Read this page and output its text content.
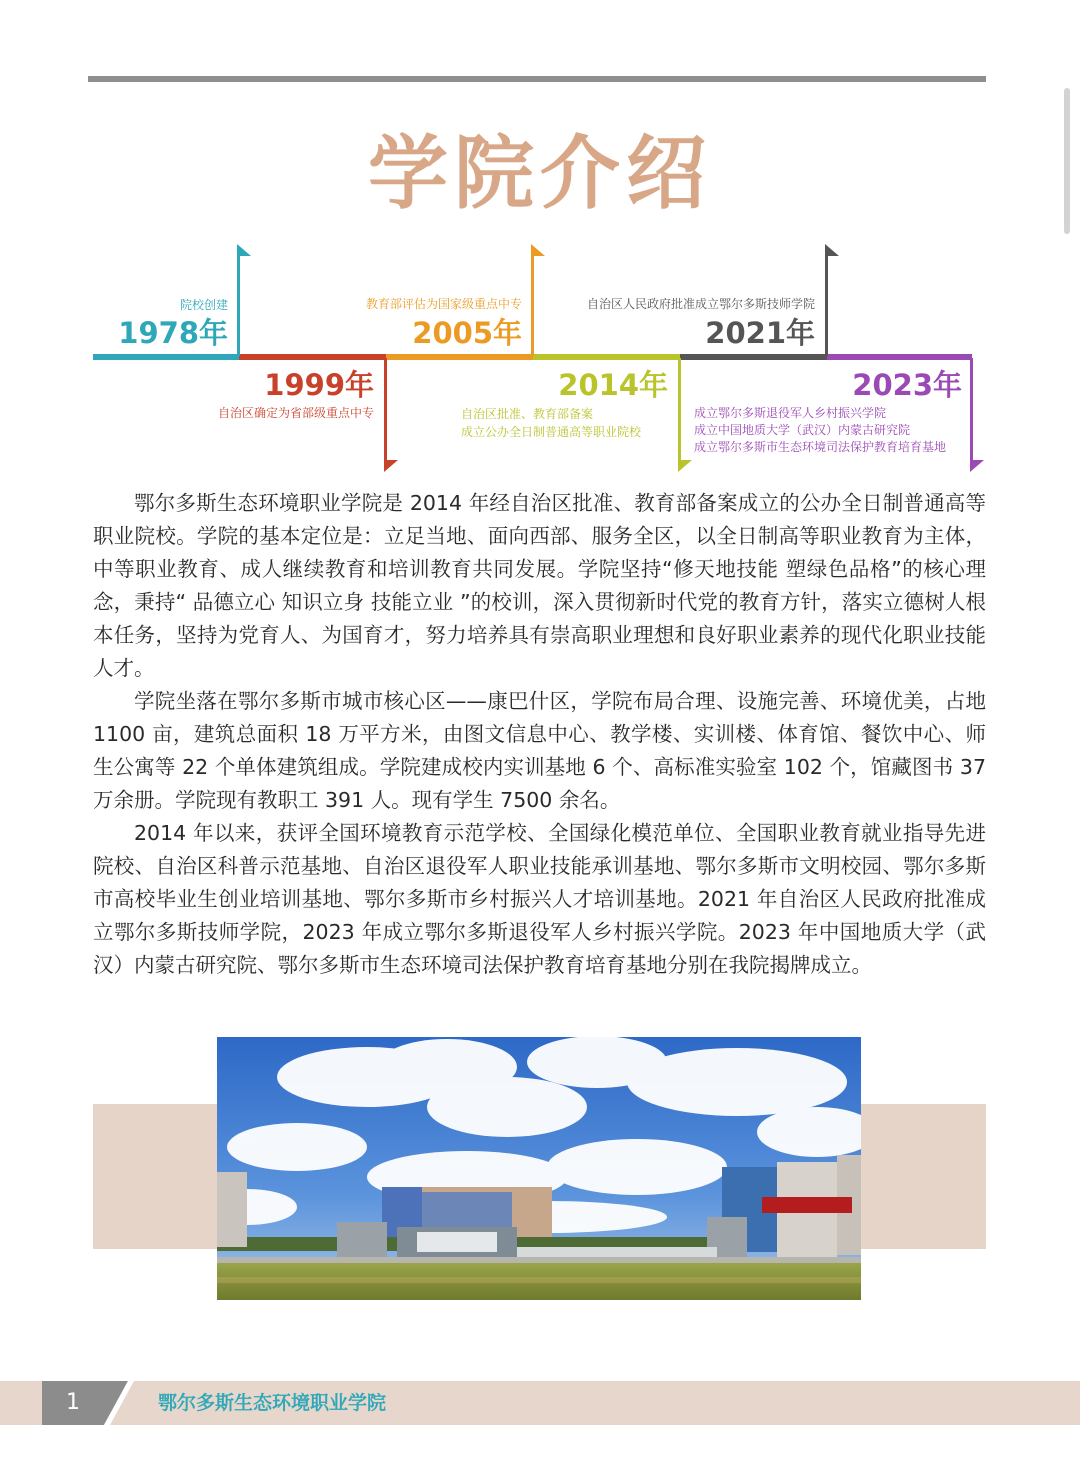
学院介绍
院校创建
1978年
1999年
自治区确定为省部级重点中专
教育部评估为国家级重点中专
2005年
2014年
自治区批准、教育部备案
成立公办全日制普通高等职业院校
自治区人民政府批准成立鄂尔多斯技师学院
2021年
2023年
成立鄂尔多斯退役军人乡村振兴学院
成立中国地质大学（武汉）内蒙古研究院
成立鄂尔多斯市生态环境司法保护教育培育基地

鄂尔多斯生态环境职业学院是 2014 年经自治区批准、教育部备案成立的公办全日制普通高等职业院校。学院的基本定位是：立足当地、面向西部、服务全区，以全日制高等职业教育为主体，中等职业教育、成人继续教育和培训教育共同发展。学院坚持“修天地技能 塑绿色品格”的核心理念，秉持“ 品德立心 知识立身 技能立业 ”的校训，深入贯彻新时代党的教育方针，落实立德树人根本任务，坚持为党育人、为国育才，努力培养具有崇高职业理想和良好职业素养的现代化职业技能人才。

学院坐落在鄂尔多斯市城市核心区——康巴什区，学院布局合理、设施完善、环境优美，占地 1100 亩，建筑总面积 18 万平方米，由图文信息中心、教学楼、实训楼、体育馆、餐饮中心、师生公寓等 22 个单体建筑组成。学院建成校内实训基地 6 个、高标准实验室 102 个，馆藏图书 37 万余册。学院现有教职工 391 人。现有学生 7500 余名。

2014 年以来，获评全国环境教育示范学校、全国绿化模范单位、全国职业教育就业指导先进院校、自治区科普示范基地、自治区退役军人职业技能承训基地、鄂尔多斯市文明校园、鄂尔多斯市高校毕业生创业培训基地、鄂尔多斯市乡村振兴人才培训基地。2021 年自治区人民政府批准成立鄂尔多斯技师学院，2023 年成立鄂尔多斯退役军人乡村振兴学院。2023 年中国地质大学（武汉）内蒙古研究院、鄂尔多斯市生态环境司法保护教育培育基地分别在我院揭牌成立。

1	鄂尔多斯生态环境职业学院
